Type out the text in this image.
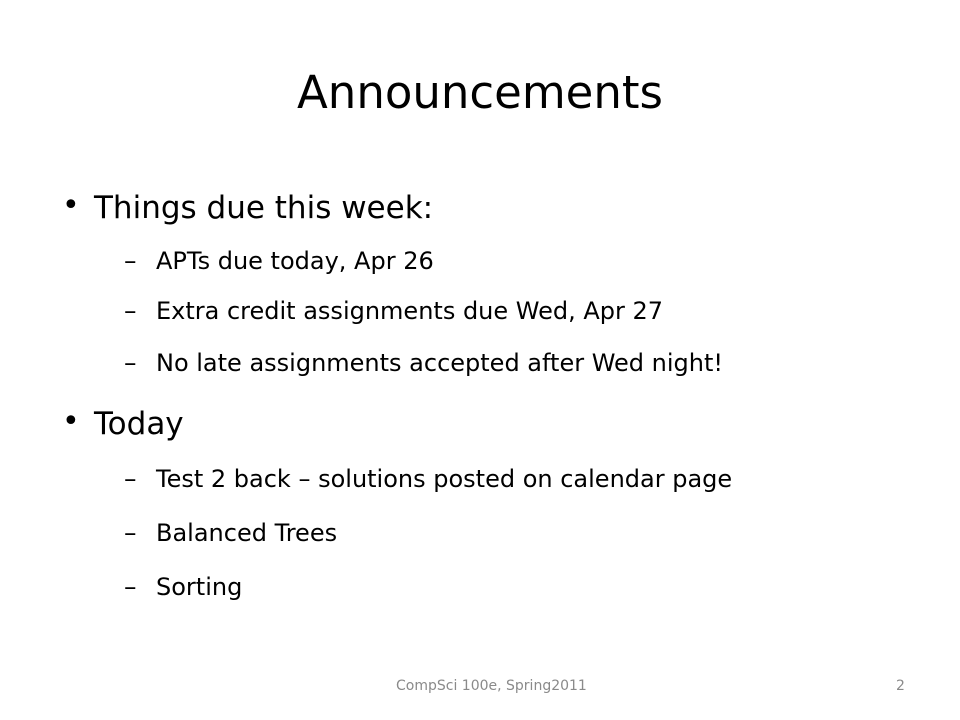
Announcements
• Things due this week:
– APTs due today, Apr 26
– Extra credit assignments due Wed, Apr 27
– No late assignments accepted after Wed night!
• Today
– Test 2 back – solutions posted on calendar page
– Balanced Trees
– Sorting
CompSci 100e, Spring2011	2
